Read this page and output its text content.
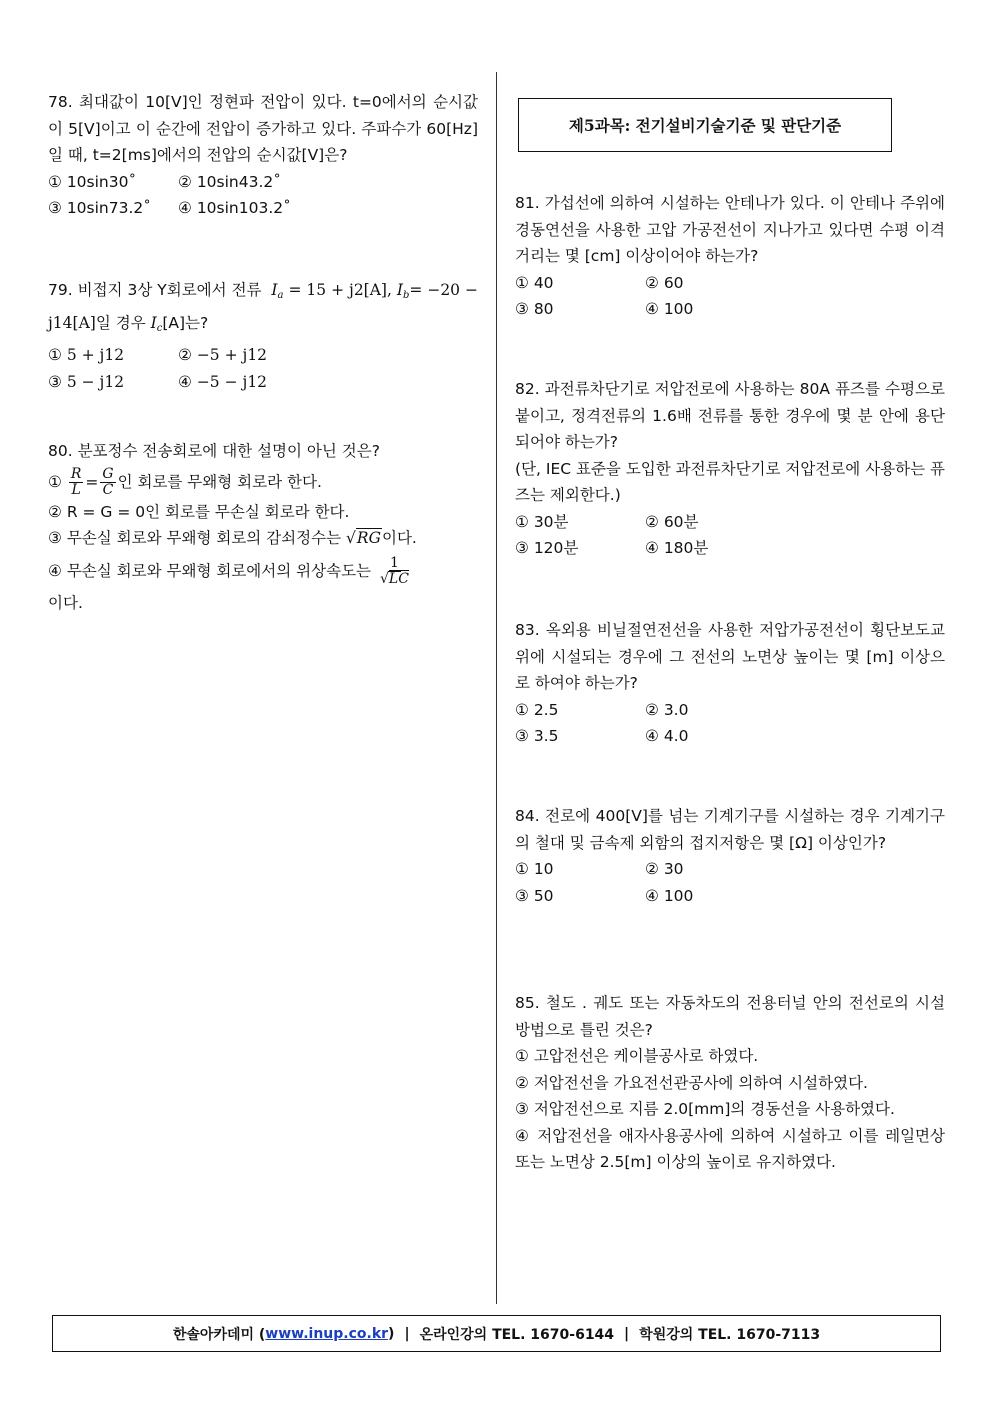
78. 최대값이 10[V]인 정현파 전압이 있다. t=0에서의 순시값이 5[V]이고 이 순간에 전압이 증가하고 있다. 주파수가 60[Hz]일 때, t=2[ms]에서의 전압의 순시값[V]은?
① 10sin30˚	② 10sin43.2˚
③ 10sin73.2˚	④ 10sin103.2˚
79. 비접지 3상 Y회로에서 전류 $I_a = 15 + j2[A]$, $I_b= -20 - j14[A]$일 경우 $I_c[A]$는?
① 5 + j12	② −5 + j12
③ 5 − j12	④ −5 − j12
80. 분포정수 전송회로에 대한 설명이 아닌 것은?
① $\frac{R}{L} = \frac{G}{C}$ 인 회로를 무왜형 회로라 한다.
② R = G = 0인 회로를 무손실 회로라 한다.
③ 무손실 회로와 무왜형 회로의 감쇠정수는 √RG이다.
④ 무손실 회로와 무왜형 회로에서의 위상속도는 $\frac{1}{√LC}$
이다.
제5과목: 전기설비기술기준 및 판단기준
81. 가섭선에 의하여 시설하는 안테나가 있다. 이 안테나 주위에 경동연선을 사용한 고압 가공전선이 지나가고 있다면 수평 이격거리는 몇 [cm] 이상이어야 하는가?
① 40	② 60
③ 80	④ 100
82. 과전류차단기로 저압전로에 사용하는 80A 퓨즈를 수평으로 붙이고, 정격전류의 1.6배 전류를 통한 경우에 몇 분 안에 용단되어야 하는가?
(단, IEC 표준을 도입한 과전류차단기로 저압전로에 사용하는 퓨즈는 제외한다.)
① 30분	② 60분
③ 120분	④ 180분
83. 옥외용 비닐절연전선을 사용한 저압가공전선이 횡단보도교 위에 시설되는 경우에 그 전선의 노면상 높이는 몇 [m] 이상으로 하여야 하는가?
① 2.5	② 3.0
③ 3.5	④ 4.0
84. 전로에 400[V]를 넘는 기계기구를 시설하는 경우 기계기구의 철대 및 금속제 외함의 접지저항은 몇 [Ω] 이상인가?
① 10	② 30
③ 50	④ 100
85. 철도 . 궤도 또는 자동차도의 전용터널 안의 전선로의 시설방법으로 틀린 것은?
① 고압전선은 케이블공사로 하였다.
② 저압전선을 가요전선관공사에 의하여 시설하였다.
③ 저압전선으로 지름 2.0[mm]의 경동선을 사용하였다.
④ 저압전선을 애자사용공사에 의하여 시설하고 이를 레일면상 또는 노면상 2.5[m] 이상의 높이로 유지하였다.
한솔아카데미 ( www.inup.co.kr ) | 온라인강의 TEL. 1670-6144 | 학원강의 TEL. 1670-7113
